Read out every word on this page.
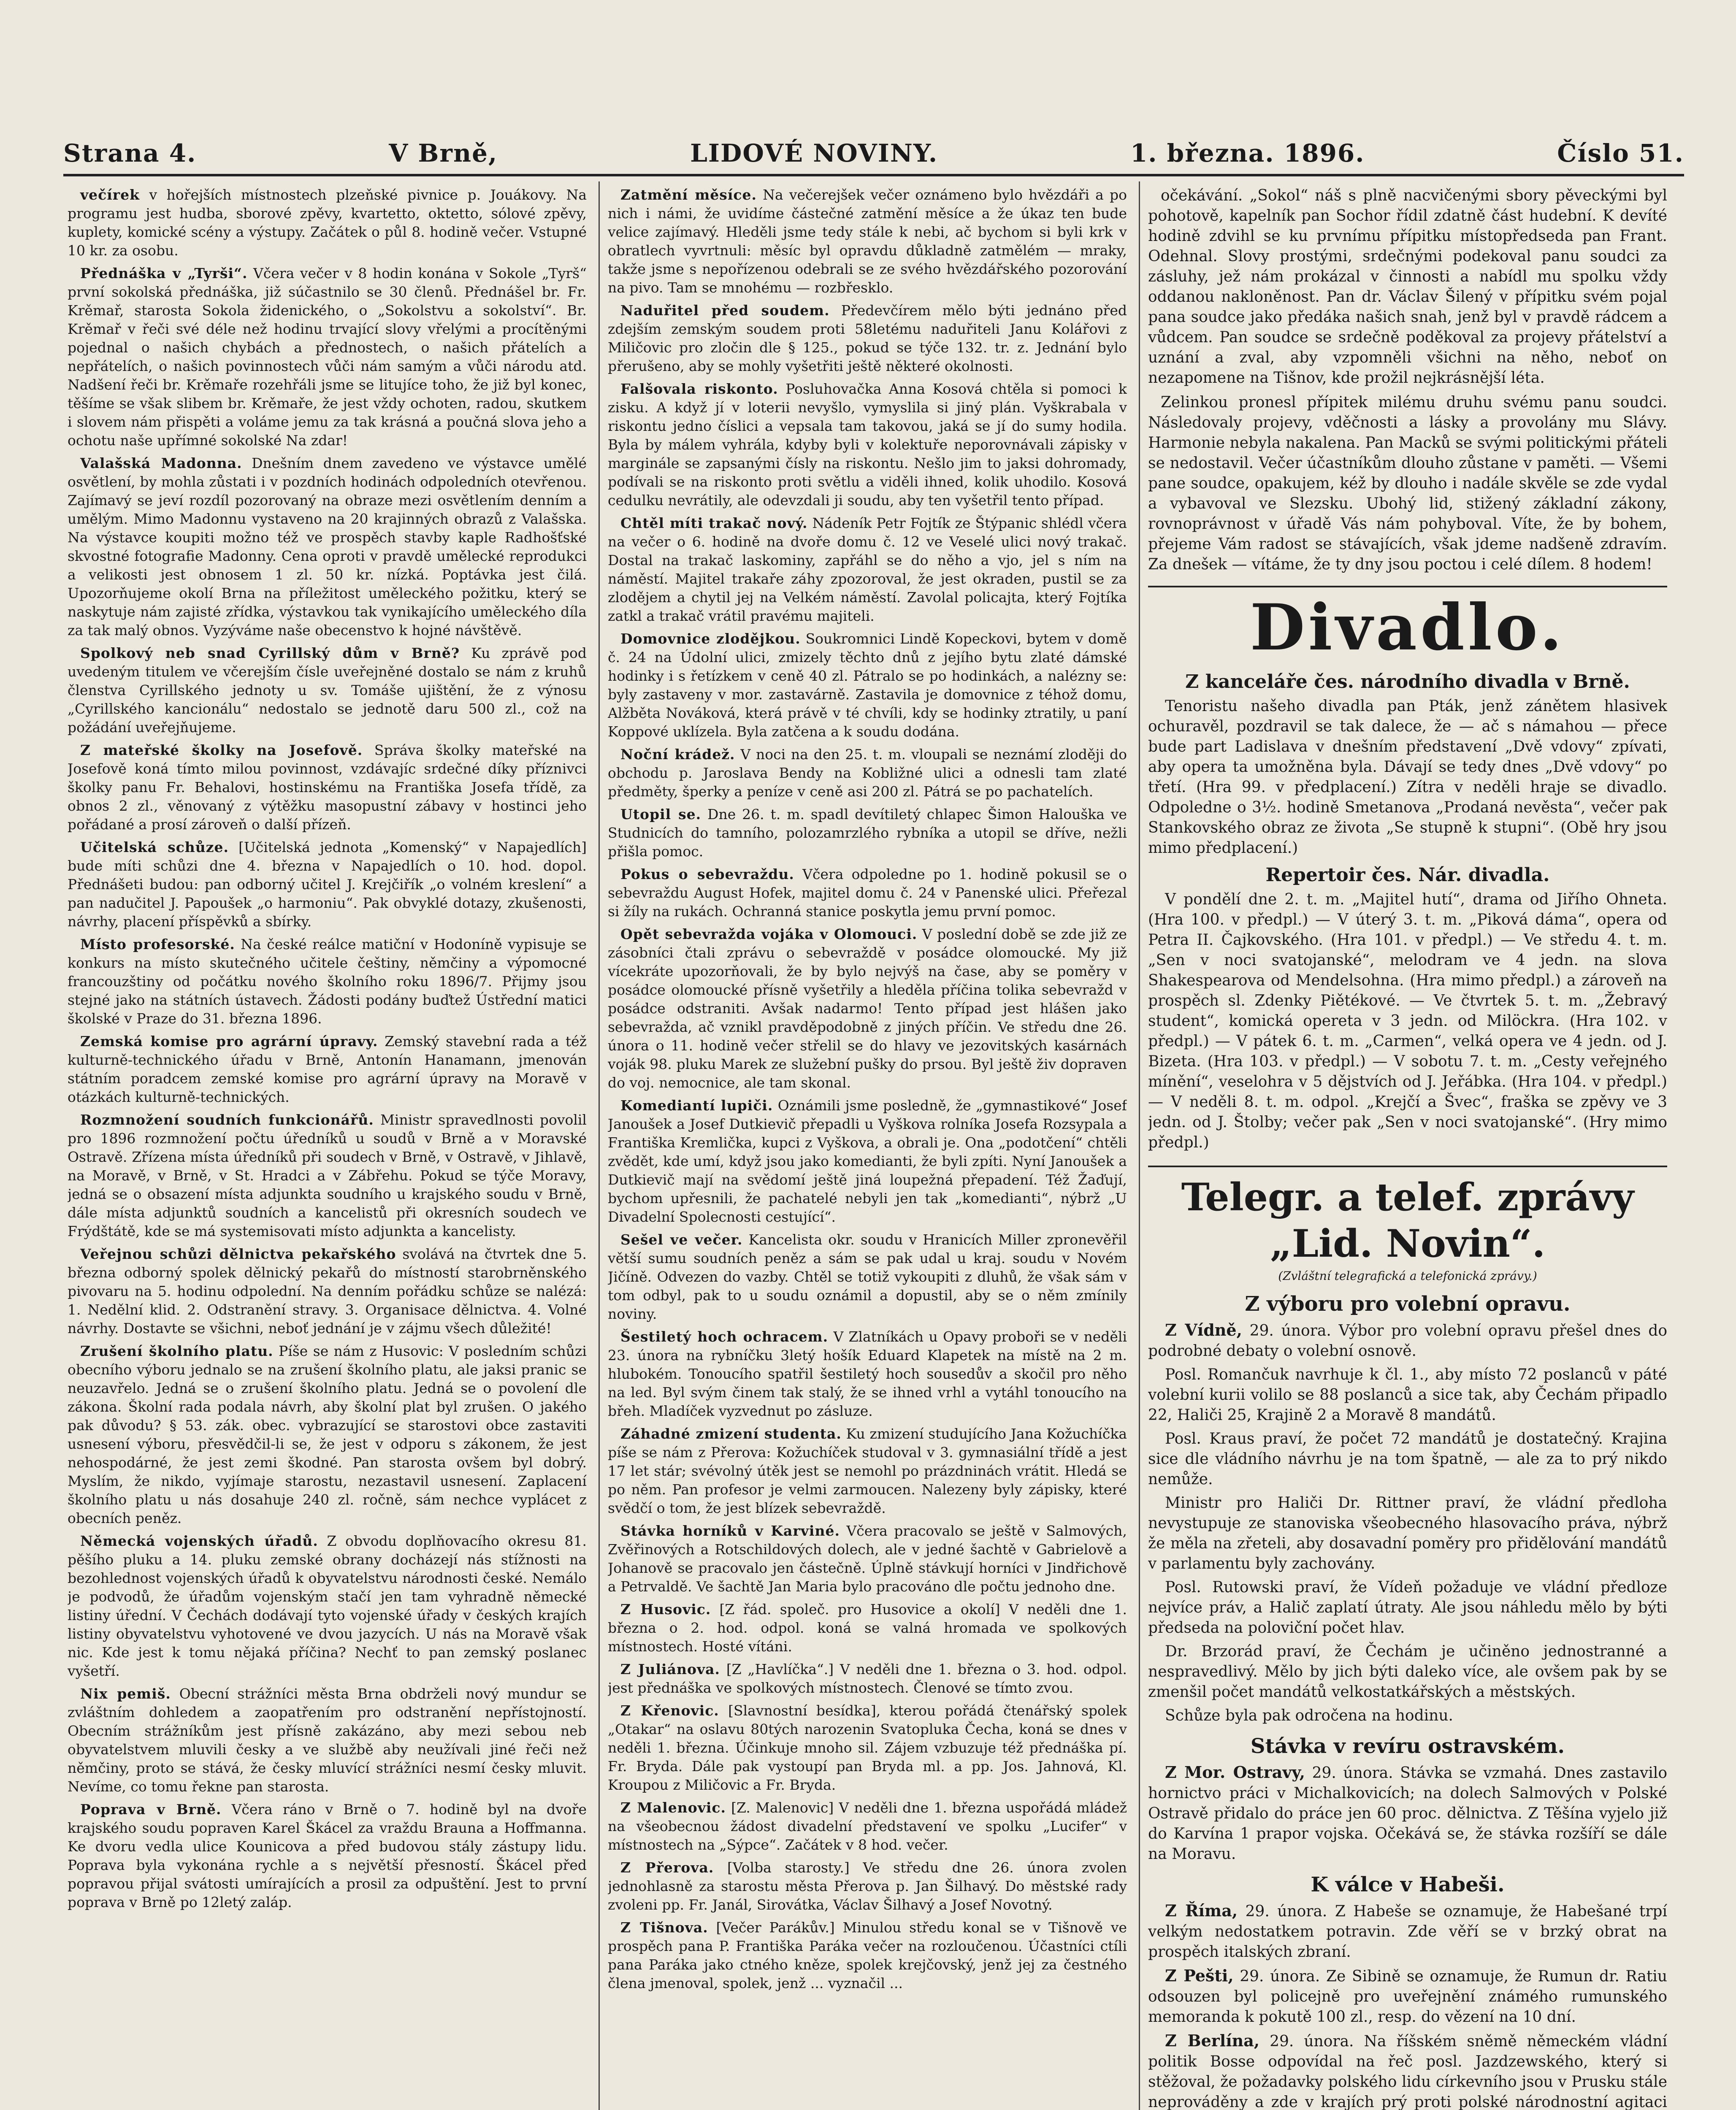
Strana 4.	V Brně,	LIDOVÉ NOVINY.	1. března. 1896.	Číslo 51.

večírek v hořejších místnostech plzeňské pivnice p. Jouákovy. Na programu jest hudba, sborové zpěvy, kvartetto, oktetto, sólové zpěvy, kuplety, komické scény a výstupy. Začátek o půl 8. hodině večer. Vstupné 10 kr. za osobu.

Přednáška v „Tyrši“. Včera večer v 8 hodin konána v Sokole „Tyrš“ první sokolská přednáška, již súčastnilo se 30 členů. Přednášel br. Fr. Krěmař, starosta Sokola židenického, o „Sokolstvu a sokolství“. Br. Krěmař v řeči své déle než hodinu trvající slovy vřelými a procítěnými pojednal o našich chybách a přednostech, o našich přátelích a nepřátelích, o našich povinnostech vůči nám samým a vůči národu atd. Nadšení řeči br. Krěmaře rozehřáli jsme se litujíce toho, že již byl konec, těšíme se však slibem br. Krěmaře, že jest vždy ochoten, radou, skutkem i slovem nám přispěti a voláme jemu za tak krásná a poučná slova jeho a ochotu naše upřímné sokolské Na zdar!

Valašská Madonna. Dnešním dnem zavedeno ve výstavce umělé osvětlení, by mohla zůstati i v pozdních hodinách odpoledních otevřenou. Zajímavý se jeví rozdíl pozorovaný na obraze mezi osvětlením denním a umělým. Mimo Madonnu vystaveno na 20 krajinných obrazů z Valašska. Na výstavce koupiti možno též ve prospěch stavby kaple Radhošťské skvostné fotografie Madonny. Cena oproti v pravdě umělecké reprodukci a velikosti jest obnosem 1 zl. 50 kr. nízká. Poptávka jest čilá. Upozorňujeme okolí Brna na příležitost uměleckého požitku, který se naskytuje nám zajisté zřídka, výstavkou tak vynikajícího uměleckého díla za tak malý obnos. Vyzýváme naše obecenstvo k hojné návštěvě.

Spolkový neb snad Cyrillský dům v Brně? Ku zprávě pod uvedeným titulem ve včerejším čísle uveřejněné dostalo se nám z kruhů členstva Cyrillského jednoty u sv. Tomáše ujištění, že z výnosu „Cyrillského kancionálu“ nedostalo se jednotě daru 500 zl., což na požádání uveřejňujeme.

Z mateřské školky na Josefově. Správa školky mateřské na Josefově koná tímto milou povinnost, vzdávajíc srdečné díky příznivci školky panu Fr. Behalovi, hostinskému na Františka Josefa třídě, za obnos 2 zl., věnovaný z výtěžku masopustní zábavy v hostinci jeho pořádané a prosí zároveň o další přízeň.

Učitelská schůze. [Učitelská jednota „Komenský“ v Napajedlích] bude míti schůzi dne 4. března v Napajedlích o 10. hod. dopol. Přednášeti budou: pan odborný učitel J. Krejčiřík „o volném kreslení“ a pan nadučitel J. Papoušek „o harmoniu“. Pak obvyklé dotazy, zkušenosti, návrhy, placení příspěvků a sbírky.

Místo profesorské. Na české reálce matiční v Hodoníně vypisuje se konkurs na místo skutečného učitele češtiny, němčiny a výpomocné francouzštiny od počátku nového školního roku 1896/7. Přijmy jsou stejné jako na státních ústavech. Žádosti podány buďtež Ústřední matici školské v Praze do 31. března 1896.

Zemská komise pro agrární úpravy. Zemský stavební rada a též kulturně-technického úřadu v Brně, Antonín Hanamann, jmenován státním poradcem zemské komise pro agrární úpravy na Moravě v otázkách kulturně-technických.

Rozmnožení soudních funkcionářů. Ministr spravedlnosti povolil pro 1896 rozmnožení počtu úředníků u soudů v Brně a v Moravské Ostravě. Zřízena místa úředníků při soudech v Brně, v Ostravě, v Jihlavě, na Moravě, v Brně, v St. Hradci a v Zábřehu. Pokud se týče Moravy, jedná se o obsazení místa adjunkta soudního u krajského soudu v Brně, dále místa adjunktů soudních a kancelistů při okresních soudech ve Frýdštátě, kde se má systemisovati místo adjunkta a kancelisty.

Veřejnou schůzi dělnictva pekařského svolává na čtvrtek dne 5. března odborný spolek dělnický pekařů do místností starobrněnského pivovaru na 5. hodinu odpolední. Na denním pořádku schůze se nalézá: 1. Nedělní klid. 2. Odstranění stravy. 3. Organisace dělnictva. 4. Volné návrhy. Dostavte se všichni, neboť jednání je v zájmu všech důležité!

Zrušení školního platu. Píše se nám z Husovic: V posledním schůzi obecního výboru jednalo se na zrušení školního platu, ale jaksi pranic se neuzavřelo. Jedná se o zrušení školního platu. Jedná se o povolení dle zákona. Školní rada podala návrh, aby školní plat byl zrušen. O jakého pak důvodu? § 53. zák. obec. vybrazující se starostovi obce zastaviti usnesení výboru, přesvědčil-li se, že jest v odporu s zákonem, že jest nehospodárné, že jest zemi škodné. Pan starosta ovšem byl dobrý. Myslím, že nikdo, vyjímaje starostu, nezastavil usnesení. Zaplacení školního platu u nás dosahuje 240 zl. ročně, sám nechce vyplácet z obecních peněz.

Německá vojenských úřadů. Z obvodu doplňovacího okresu 81. pěšího pluku a 14. pluku zemské obrany docházejí nás stížnosti na bezohlednost vojenských úřadů k obyvatelstvu národnosti české. Nemálo je podvodů, že úřadům vojenským stačí jen tam vyhradně německé listiny úřední. V Čechách dodávají tyto vojenské úřady v českých krajích listiny obyvatelstvu vyhotovené ve dvou jazycích. U nás na Moravě však nic. Kde jest k tomu nějaká příčina? Nechť to pan zemský poslanec vyšetří.

Nix pemiš. Obecní strážníci města Brna obdrželi nový mundur se zvláštním dohledem a zaopatřením pro odstranění nepřístojností. Obecním strážníkům jest přísně zakázáno, aby mezi sebou neb obyvatelstvem mluvili česky a ve službě aby neužívali jiné řeči než němčiny, proto se stává, že česky mluvící strážníci nesmí česky mluvit. Nevíme, co tomu řekne pan starosta.

Poprava v Brně. Včera ráno v Brně o 7. hodině byl na dvoře krajského soudu popraven Karel Škácel za vraždu Brauna a Hoffmanna. Ke dvoru vedla ulice Kounicova a před budovou stály zástupy lidu. Poprava byla vykonána rychle a s největší přesností. Škácel před popravou přijal svátosti umírajících a prosil za odpuštění. Jest to první poprava v Brně po 12letý zaláp.

Zatmění měsíce. Na večerejšek večer oznámeno bylo hvězdáři a po nich i námi, že uvidíme částečné zatmění měsíce a že úkaz ten bude velice zajímavý. Hleděli jsme tedy stále k nebi, ač bychom si byli krk v obratlech vyvrtnuli: měsíc byl opravdu důkladně zatmělém — mraky, takže jsme s nepořízenou odebrali se ze svého hvězdářského pozorování na pivo. Tam se mnohému — rozbřesklo.

Naduřitel před soudem. Předevčírem mělo býti jednáno před zdejším zemským soudem proti 58letému naduřiteli Janu Kolářovi z Miličovic pro zločin dle § 125., pokud se týče 132. tr. z. Jednání bylo přerušeno, aby se mohly vyšetřiti ještě některé okolnosti.

Falšovala riskonto. Posluhovačka Anna Kosová chtěla si pomoci k zisku. A když jí v loterii nevyšlo, vymyslila si jiný plán. Vyškrabala v riskontu jedno číslici a vepsala tam takovou, jaká se jí do sumy hodila. Byla by málem vyhrála, kdyby byli v kolektuře neporovnávali zápisky v marginále se zapsanými čísly na riskontu. Nešlo jim to jaksi dohromady, podívali se na riskonto proti světlu a viděli ihned, kolik uhodilo. Kosová cedulku nevrátily, ale odevzdali ji soudu, aby ten vyšetřil tento případ.

Chtěl míti trakač nový. Nádeník Petr Fojtík ze Štýpanic shlédl včera na večer o 6. hodině na dvoře domu č. 12 ve Veselé ulici nový trakač. Dostal na trakač laskominy, zapřáhl se do něho a vjo, jel s ním na náměstí. Majitel trakaře záhy zpozoroval, že jest okraden, pustil se za zlodějem a chytil jej na Velkém náměstí. Zavolal policajta, který Fojtíka zatkl a trakač vrátil pravému majiteli.

Domovnice zlodějkou. Soukromnici Lindě Kopeckovi, bytem v domě č. 24 na Údolní ulici, zmizely těchto dnů z jejího bytu zlaté dámské hodinky i s řetízkem v ceně 40 zl. Pátralo se po hodinkách, a nalézny se: byly zastaveny v mor. zastavárně. Zastavila je domovnice z téhož domu, Alžběta Nováková, která právě v té chvíli, kdy se hodinky ztratily, u paní Koppové uklízela. Byla zatčena a k soudu dodána.

Noční krádež. V noci na den 25. t. m. vloupali se neznámí zloději do obchodu p. Jaroslava Bendy na Kobližné ulici a odnesli tam zlaté předměty, šperky a peníze v ceně asi 200 zl. Pátrá se po pachatelích.

Utopil se. Dne 26. t. m. spadl devítiletý chlapec Šimon Halouška ve Studnicích do tamního, polozamrzlého rybníka a utopil se dříve, nežli přišla pomoc.

Pokus o sebevraždu. Včera odpoledne po 1. hodině pokusil se o sebevraždu August Hofek, majitel domu č. 24 v Panenské ulici. Přeřezal si žíly na rukách. Ochranná stanice poskytla jemu první pomoc.

Opět sebevražda vojáka v Olomouci. V poslední době se zde již ze zásobníci čtali zprávu o sebevraždě v posádce olomoucké. My již vícekráte upozorňovali, že by bylo nejvýš na čase, aby se poměry v posádce olomoucké přísně vyšetřily a hleděla příčina tolika sebevražd v posádce odstraniti. Avšak nadarmo! Tento případ jest hlášen jako sebevražda, ač vznikl pravděpodobně z jiných příčin. Ve středu dne 26. února o 11. hodině večer střelil se do hlavy ve jezovitských kasárnách voják 98. pluku Marek ze služební pušky do prsou. Byl ještě živ dopraven do voj. nemocnice, ale tam skonal.

Komediantí lupiči. Oznámili jsme posledně, že „gymnastikové“ Josef Janoušek a Josef Dutkievič přepadli u Vyškova rolníka Josefa Rozsypala a Františka Kremlička, kupci z Vyškova, a obrali je. Ona „podotčení“ chtěli zvědět, kde umí, když jsou jako komedianti, že byli zpíti. Nyní Janoušek a Dutkievič mají na svědomí ještě jiná loupežná přepadení. Též Žaďují, bychom upřesnili, že pachatelé nebyli jen tak „komedianti“, nýbrž „U Divadelní Spolecnosti cestující“.

Sešel ve večer. Kancelista okr. soudu v Hranicích Miller zpronevěřil větší sumu soudních peněz a sám se pak udal u kraj. soudu v Novém Jičíně. Odvezen do vazby. Chtěl se totiž vykoupiti z dluhů, že však sám v tom odbyl, pak to u soudu oznámil a dopustil, aby se o něm zmínily noviny.

Šestiletý hoch ochracem. V Zlatníkách u Opavy proboři se v neděli 23. února na rybníčku 3letý hošík Eduard Klapetek na místě na 2 m. hlubokém. Tonoucího spatřil šestiletý hoch sousedův a skočil pro něho na led. Byl svým činem tak stalý, že se ihned vrhl a vytáhl tonoucího na břeh. Mladíček vyzvednut po zásluze.

Záhadné zmizení studenta. Ku zmizení studujícího Jana Kožuchíčka píše se nám z Přerova: Kožuchíček studoval v 3. gymnasiální třídě a jest 17 let stár; svévolný útěk jest se nemohl po prázdninách vrátit. Hledá se po něm. Pan profesor je velmi zarmoucen. Nalezeny byly zápisky, které svědčí o tom, že jest blízek sebevraždě.

Stávka horníků v Karviné. Včera pracovalo se ještě v Salmových, Zvěřinových a Rotschildových dolech, ale v jedné šachtě v Gabrielově a Johanově se pracovalo jen částečně. Úplně stávkují horníci v Jindřichově a Petrvaldě. Ve šachtě Jan Maria bylo pracováno dle počtu jednoho dne.

Z Husovic. [Z řád. společ. pro Husovice a okolí] V neděli dne 1. března o 2. hod. odpol. koná se valná hromada ve spolkových místnostech. Hosté vítáni.

Z Juliánova. [Z „Havlíčka“.] V neděli dne 1. března o 3. hod. odpol. jest přednáška ve spolkových místnostech. Členové se tímto zvou.

Z Křenovic. [Slavnostní besídka], kterou pořádá čtenářský spolek „Otakar“ na oslavu 80tých narozenin Svatopluka Čecha, koná se dnes v neděli 1. března. Účinkuje mnoho sil. Zájem vzbuzuje též přednáška pí. Fr. Bryda. Dále pak vystoupí pan Bryda ml. a pp. Jos. Jahnová, Kl. Kroupou z Miličovic a Fr. Bryda.

Z Malenovic. [Z. Malenovic] V neděli dne 1. března uspořádá mládež na všeobecnou žádost divadelní představení ve spolku „Lucifer“ v místnostech na „Sýpce“. Začátek v 8 hod. večer.

Z Přerova. [Volba starosty.] Ve středu dne 26. února zvolen jednohlasně za starostu města Přerova p. Jan Šilhavý. Do městské rady zvoleni pp. Fr. Janál, Sirovátka, Václav Šilhavý a Josef Novotný.

Z Tišnova. [Večer Parákův.] Minulou středu konal se v Tišnově ve prospěch pana P. Františka Paráka večer na rozloučenou. Účastníci ctíli pana Paráka jako ctného kněze, spolek krejčovský, jenž jej za čestného člena jmenoval, spolek, jenž ... vyznačil ...

očekávání. „Sokol“ náš s plně nacvičenými sbory pěveckými byl pohotově, kapelník pan Sochor řídil zdatně část hudební. K devíté hodině zdvihl se ku prvnímu přípitku místopředseda pan Frant. Odehnal. Slovy prostými, srdečnými podekoval panu soudci za zásluhy, jež nám prokázal v činnosti a nabídl mu spolku vždy oddanou nakloněnost. Pan dr. Václav Šilený v přípitku svém pojal pana soudce jako předáka našich snah, jenž byl v pravdě rádcem a vůdcem. Pan soudce se srdečně poděkoval za projevy přátelství a uznání a zval, aby vzpomněli všichni na něho, neboť on nezapomene na Tišnov, kde prožil nejkrásnější léta.

Zelinkou pronesl přípitek milému druhu svému panu soudci. Následovaly projevy, vděčnosti a lásky a provolány mu Slávy. Harmonie nebyla nakalena. Pan Macků se svými politickými přáteli se nedostavil. Večer účastníkům dlouho zůstane v paměti. — Všemi pane soudce, opakujem, kéž by dlouho i nadále skvěle se zde vydal a vybavoval ve Slezsku. Ubohý lid, stižený základní zákony, rovnoprávnost v úřadě Vás nám pohyboval. Víte, že by bohem, přejeme Vám radost se stávajících, však jdeme nadšeně zdravím. Za dnešek — vítáme, že ty dny jsou poctou i celé dílem. 8 hodem!

Divadlo.
Z kanceláře čes. národního divadla v Brně.

Tenoristu našeho divadla pan Pták, jenž zánětem hlasivek ochuravěl, pozdravil se tak dalece, že — ač s námahou — přece bude part Ladislava v dnešním představení „Dvě vdovy“ zpívati, aby opera ta umožněna byla. Dávají se tedy dnes „Dvě vdovy“ po třetí. (Hra 99. v předplacení.) Zítra v neděli hraje se divadlo. Odpoledne o 3½. hodině Smetanova „Prodaná nevěsta“, večer pak Stankovského obraz ze života „Se stupně k stupni“. (Obě hry jsou mimo předplacení.)

Repertoir čes. Nár. divadla.

V pondělí dne 2. t. m. „Majitel hutí“, drama od Jiřího Ohneta. (Hra 100. v předpl.) — V úterý 3. t. m. „Piková dáma“, opera od Petra II. Čajkovského. (Hra 101. v předpl.) — Ve středu 4. t. m. „Sen v noci svatojanské“, melodram ve 4 jedn. na slova Shakespearova od Mendelsohna. (Hra mimo předpl.) a zároveň na prospěch sl. Zdenky Piětékové. — Ve čtvrtek 5. t. m. „Žebravý student“, komická opereta v 3 jedn. od Milöckra. (Hra 102. v předpl.) — V pátek 6. t. m. „Carmen“, velká opera ve 4 jedn. od J. Bizeta. (Hra 103. v předpl.) — V sobotu 7. t. m. „Cesty veřejného mínění“, veselohra v 5 dějstvích od J. Jeřábka. (Hra 104. v předpl.) — V neděli 8. t. m. odpol. „Krejčí a Švec“, fraška se zpěvy ve 3 jedn. od J. Štolby; večer pak „Sen v noci svatojanské“. (Hry mimo předpl.)

Telegr. a telef. zprávy „Lid. Novin“.
(Zvláštní telegrafická a telefonická zprávy.)
Z výboru pro volební opravu.

Z Vídně, 29. února. Výbor pro volební opravu přešel dnes do podrobné debaty o volební osnově.

Posl. Romančuk navrhuje k čl. 1., aby místo 72 poslanců v páté volební kurii volilo se 88 poslanců a sice tak, aby Čechám připadlo 22, Haliči 25, Krajině 2 a Moravě 8 mandátů.

Posl. Kraus praví, že počet 72 mandátů je dostatečný. Krajina sice dle vládního návrhu je na tom špatně, — ale za to prý nikdo nemůže.

Ministr pro Haliči Dr. Rittner praví, že vládní předloha nevystupuje ze stanoviska všeobecného hlasovacího práva, nýbrž že měla na zřeteli, aby dosavadní poměry pro přidělování mandátů v parlamentu byly zachovány.

Posl. Rutowski praví, že Vídeň požaduje ve vládní předloze nejvíce práv, a Halič zaplatí útraty. Ale jsou náhledu mělo by býti předseda na poloviční počet hlav.

Dr. Brzorád praví, že Čechám je učiněno jednostranné a nespravedlivý. Mělo by jich býti daleko více, ale ovšem pak by se zmenšil počet mandátů velkostatkářských a městských.

Schůze byla pak odročena na hodinu.

Stávka v revíru ostravském.

Z Mor. Ostravy, 29. února. Stávka se vzmahá. Dnes zastavilo hornictvo práci v Michalkovicích; na dolech Salmových v Polské Ostravě přidalo do práce jen 60 proc. dělnictva. Z Těšína vyjelo již do Karvína 1 prapor vojska. Očekává se, že stávka rozšíří se dále na Moravu.

K válce v Habeši.

Z Říma, 29. února. Z Habeše se oznamuje, že Habešané trpí velkým nedostatkem potravin. Zde věří se v brzký obrat na prospěch italských zbraní.

Z Pešti, 29. února. Ze Sibině se oznamuje, že Rumun dr. Ratiu odsouzen byl policejně pro uveřejnění známého rumunského memoranda k pokutě 100 zl., resp. do vězení na 10 dní.

Z Berlína, 29. února. Na říšském sněmě německém vládní politik Bosse odpovídal na řeč posl. Jazdzewského, který si stěžoval, že požadavky polského lidu církevního jsou v Prusku stále neprováděny a zde v krajích prý proti polské národnostní agitaci
